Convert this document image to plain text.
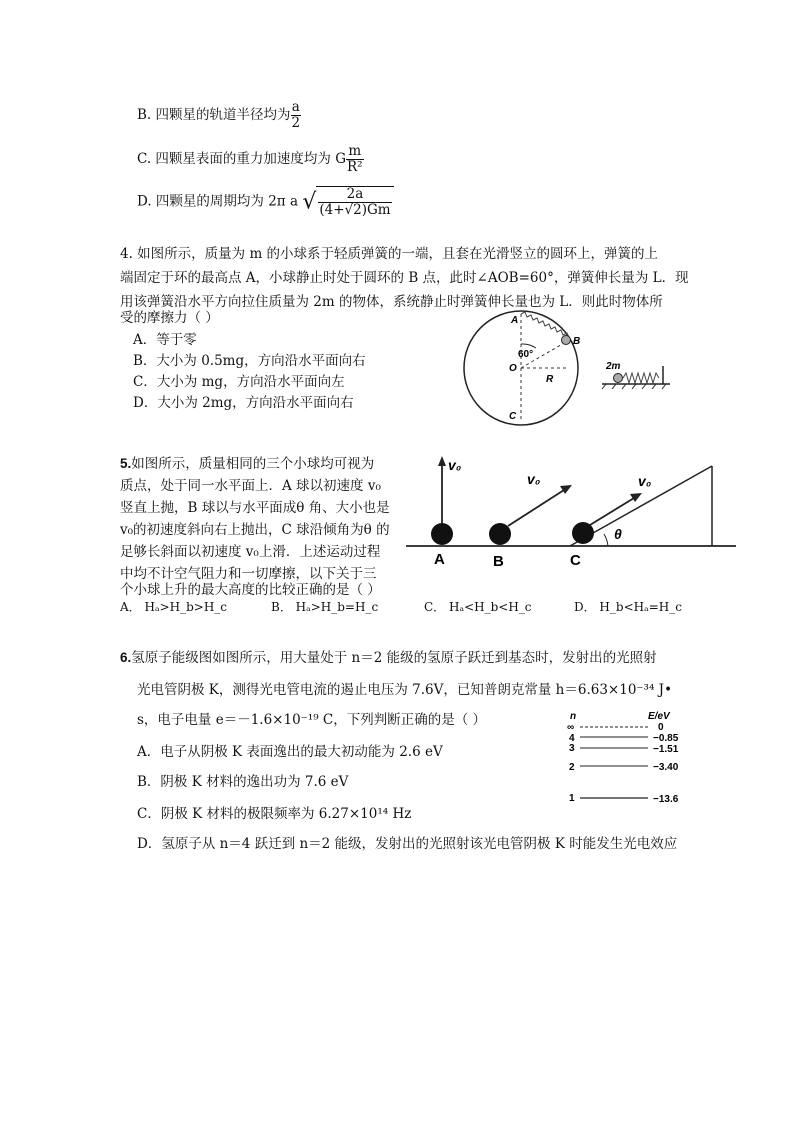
B. 四颗星的轨道半径均为 $\frac{a}{2}$
C. 四颗星表面的重力加速度均为 G $\frac{m}{\text{R²}}$
D. 四颗星的周期均为 2π a √ $\frac{2a}{(4+√2)Gm}$
4. 如图所示，质量为 m 的小球系于轻质弹簧的一端，且套在光滑竖立的圆环上，弹簧的上
端固定于环的最高点 A，小球静止时处于圆环的 B 点，此时∠AOB=60°，弹簧伸长量为 L．现
用该弹簧沿水平方向拉住质量为 2m 的物体，系统静止时弹簧伸长量也为 L．则此时物体所
受的摩擦力（ ）
A．等于零
B．大小为 0.5mg，方向沿水平面向右
C．大小为 mg，方向沿水平面向左
D．大小为 2mg，方向沿水平面向右
A
B
O
C
R
60°
2m
5.如图所示，质量相同的三个小球均可视为
质点，处于同一水平面上．A 球以初速度 v₀
竖直上抛，B 球以与水平面成θ 角、大小也是
v₀的初速度斜向右上抛出，C 球沿倾角为θ 的
足够长斜面以初速度 v₀上滑．上述运动过程
中均不计空气阻力和一切摩擦，以下关于三
个小球上升的最大高度的比较正确的是（ ）
A． Hₐ>H_b>H_c	B． Hₐ>H_b=H_c	C． Hₐ<H_b<H_c	D． H_b<Hₐ=H_c
v₀
v₀	v₀
θ
A	B	C
6.氢原子能级图如图所示，用大量处于 n＝2 能级的氢原子跃迁到基态时，发射出的光照射
光电管阴极 K，测得光电管电流的遏止电压为 7.6V，已知普朗克常量 h＝6.63×10⁻³⁴ J•
s，电子电量 e＝－1.6×10⁻¹⁹ C，下列判断正确的是（ ）
A．电子从阴极 K 表面逸出的最大初动能为 2.6 eV
B．阴极 K 材料的逸出功为 7.6 eV
C．阴极 K 材料的极限频率为 6.27×10¹⁴ Hz
D．氢原子从 n＝4 跃迁到 n＝2 能级，发射出的光照射该光电管阴极 K 时能发生光电效应
n	E/eV
∞	0
4	−0.85
3	−1.51
2	−3.40
1	−13.6
